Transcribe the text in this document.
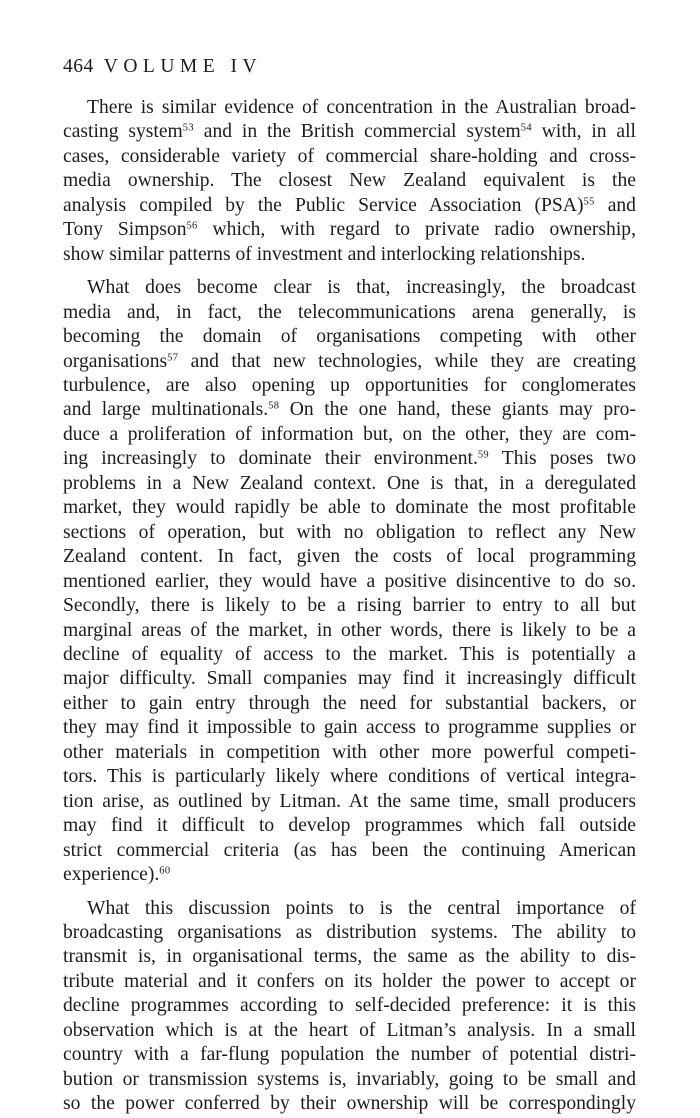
464 VOLUME IV
There is similar evidence of concentration in the Australian broad-
casting system$^{53}$ and in the British commercial system$^{54}$ with, in all
cases, considerable variety of commercial share-holding and cross-
media ownership. The closest New Zealand equivalent is the
analysis compiled by the Public Service Association (PSA)$^{55}$ and
Tony Simpson$^{56}$ which, with regard to private radio ownership,
show similar patterns of investment and interlocking relationships.
What does become clear is that, increasingly, the broadcast
media and, in fact, the telecommunications arena generally, is
becoming the domain of organisations competing with other
organisations$^{57}$ and that new technologies, while they are creating
turbulence, are also opening up opportunities for conglomerates
and large multinationals.$^{58}$ On the one hand, these giants may pro-
duce a proliferation of information but, on the other, they are com-
ing increasingly to dominate their environment.$^{59}$ This poses two
problems in a New Zealand context. One is that, in a deregulated
market, they would rapidly be able to dominate the most profitable
sections of operation, but with no obligation to reflect any New
Zealand content. In fact, given the costs of local programming
mentioned earlier, they would have a positive disincentive to do so.
Secondly, there is likely to be a rising barrier to entry to all but
marginal areas of the market, in other words, there is likely to be a
decline of equality of access to the market. This is potentially a
major difficulty. Small companies may find it increasingly difficult
either to gain entry through the need for substantial backers, or
they may find it impossible to gain access to programme supplies or
other materials in competition with other more powerful competi-
tors. This is particularly likely where conditions of vertical integra-
tion arise, as outlined by Litman. At the same time, small producers
may find it difficult to develop programmes which fall outside
strict commercial criteria (as has been the continuing American
experience).$^{60}$
What this discussion points to is the central importance of
broadcasting organisations as distribution systems. The ability to
transmit is, in organisational terms, the same as the ability to dis-
tribute material and it confers on its holder the power to accept or
decline programmes according to self-decided preference: it is this
observation which is at the heart of Litman’s analysis. In a small
country with a far-flung population the number of potential distri-
bution or transmission systems is, invariably, going to be small and
so the power conferred by their ownership will be correspondingly
